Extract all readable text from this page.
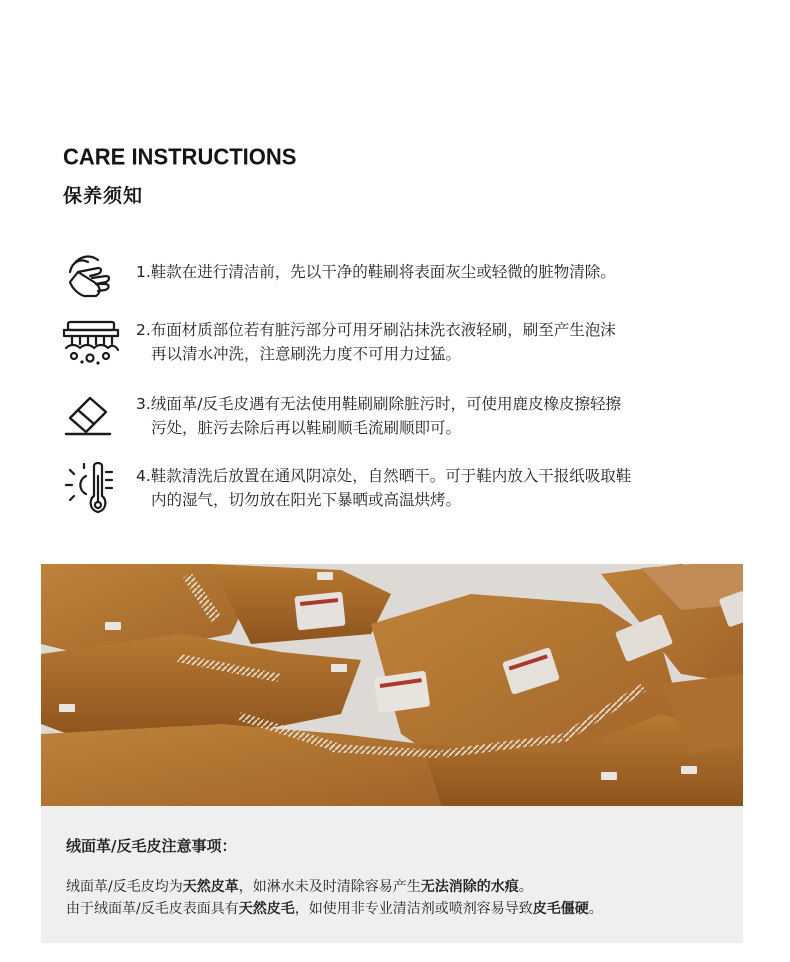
CARE INSTRUCTIONS
保养须知
1.鞋款在进行清洁前，先以干净的鞋刷将表面灰尘或轻微的脏物清除。
2.布面材质部位若有脏污部分可用牙刷沾抹洗衣液轻刷，刷至产生泡沫
再以清水冲洗，注意刷洗力度不可用力过猛。
3.绒面革/反毛皮遇有无法使用鞋刷刷除脏污时，可使用鹿皮橡皮擦轻擦
污处，脏污去除后再以鞋刷顺毛流刷顺即可。
4.鞋款清洗后放置在通风阴凉处，自然晒干。可于鞋内放入干报纸吸取鞋
内的湿气，切勿放在阳光下暴晒或高温烘烤。
绒面革/反毛皮注意事项：
绒面革/反毛皮均为天然皮革，如淋水未及时清除容易产生无法消除的水痕。
由于绒面革/反毛皮表面具有天然皮毛，如使用非专业清洁剂或喷剂容易导致皮毛僵硬。
